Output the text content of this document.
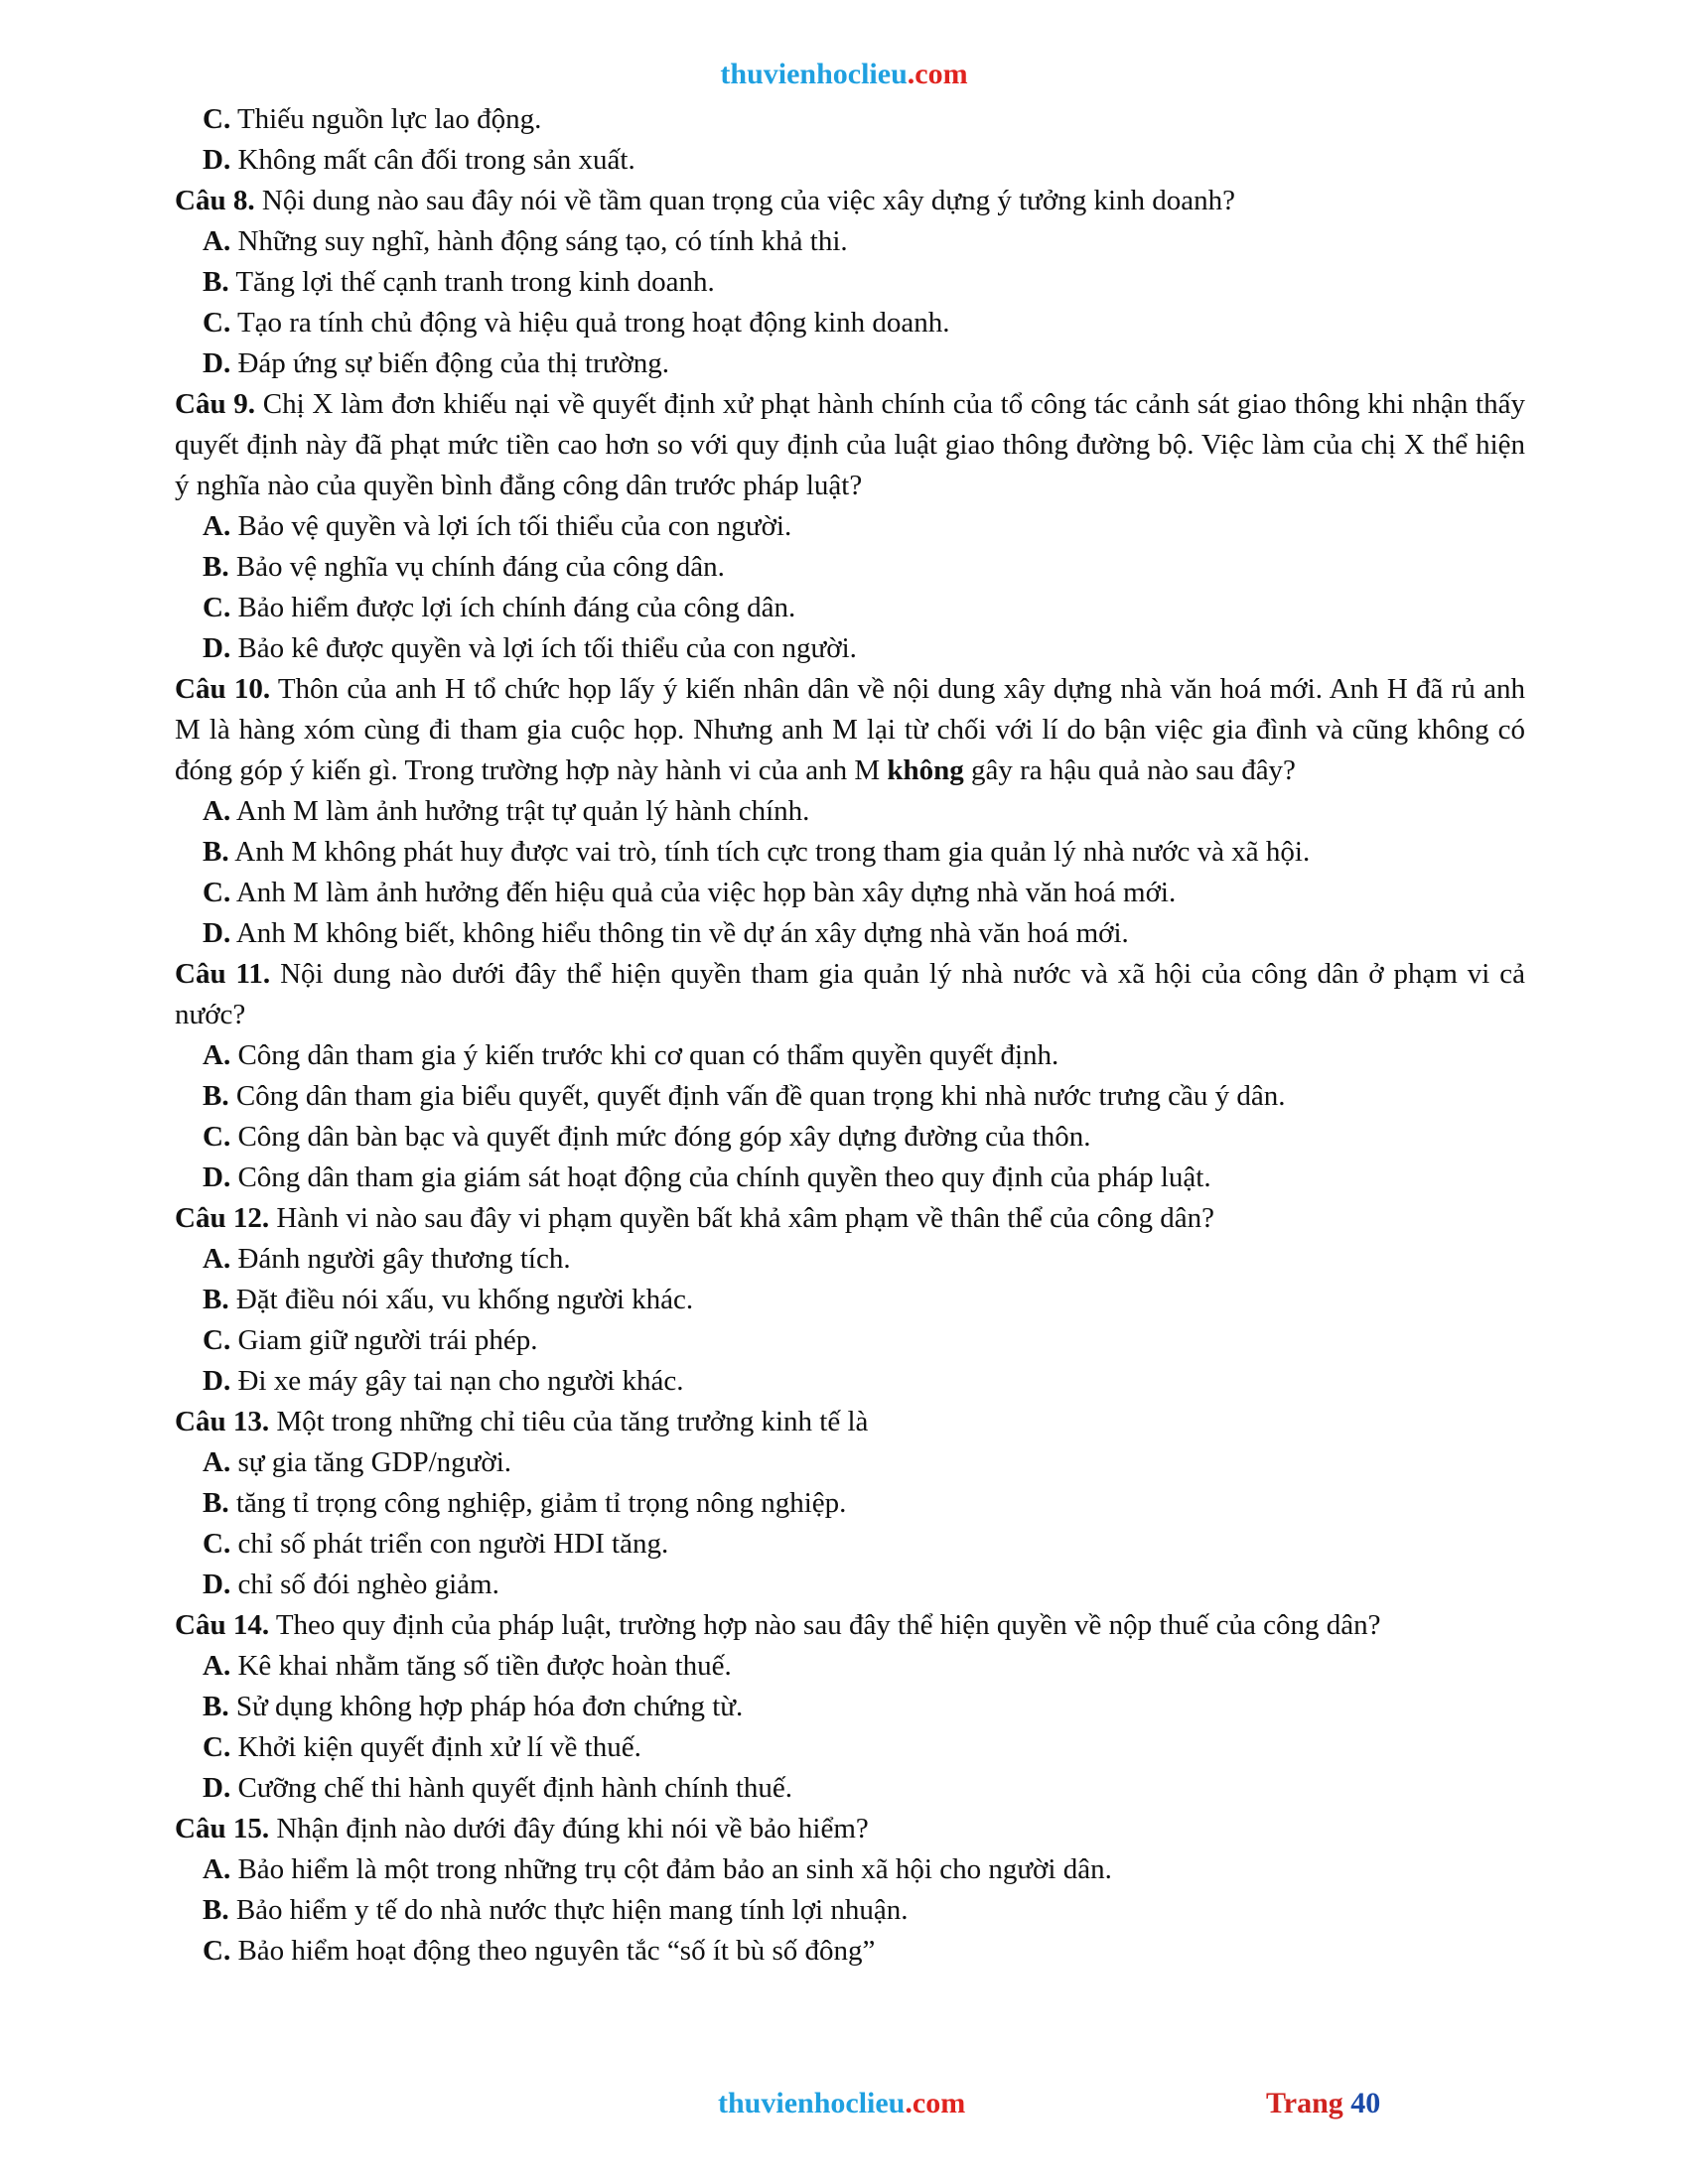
thuvienhoclieu.com
C. Thiếu nguồn lực lao động.
D. Không mất cân đối trong sản xuất.

Câu 8. Nội dung nào sau đây nói về tầm quan trọng của việc xây dựng ý tưởng kinh doanh?

A. Những suy nghĩ, hành động sáng tạo, có tính khả thi.
B. Tăng lợi thế cạnh tranh trong kinh doanh.
C. Tạo ra tính chủ động và hiệu quả trong hoạt động kinh doanh.
D. Đáp ứng sự biến động của thị trường.

Câu 9. Chị X làm đơn khiếu nại về quyết định xử phạt hành chính của tổ công tác cảnh sát giao thông khi nhận thấy quyết định này đã phạt mức tiền cao hơn so với quy định của luật giao thông đường bộ. Việc làm của chị X thể hiện ý nghĩa nào của quyền bình đẳng công dân trước pháp luật?

A. Bảo vệ quyền và lợi ích tối thiểu của con người.
B. Bảo vệ nghĩa vụ chính đáng của công dân.
C. Bảo hiểm được lợi ích chính đáng của công dân.
D. Bảo kê được quyền và lợi ích tối thiểu của con người.

Câu 10. Thôn của anh H tổ chức họp lấy ý kiến nhân dân về nội dung xây dựng nhà văn hoá mới. Anh H đã rủ anh M là hàng xóm cùng đi tham gia cuộc họp. Nhưng anh M lại từ chối với lí do bận việc gia đình và cũng không có đóng góp ý kiến gì. Trong trường hợp này hành vi của anh M không gây ra hậu quả nào sau đây?

A. Anh M làm ảnh hưởng trật tự quản lý hành chính.
B. Anh M không phát huy được vai trò, tính tích cực trong tham gia quản lý nhà nước và xã hội.
C. Anh M làm ảnh hưởng đến hiệu quả của việc họp bàn xây dựng nhà văn hoá mới.
D. Anh M không biết, không hiểu thông tin về dự án xây dựng nhà văn hoá mới.

Câu 11. Nội dung nào dưới đây thể hiện quyền tham gia quản lý nhà nước và xã hội của công dân ở phạm vi cả nước?

A. Công dân tham gia ý kiến trước khi cơ quan có thẩm quyền quyết định.
B. Công dân tham gia biểu quyết, quyết định vấn đề quan trọng khi nhà nước trưng cầu ý dân.
C. Công dân bàn bạc và quyết định mức đóng góp xây dựng đường của thôn.
D. Công dân tham gia giám sát hoạt động của chính quyền theo quy định của pháp luật.

Câu 12. Hành vi nào sau đây vi phạm quyền bất khả xâm phạm về thân thể của công dân?

A. Đánh người gây thương tích.
B. Đặt điều nói xấu, vu khống người khác.
C. Giam giữ người trái phép.
D. Đi xe máy gây tai nạn cho người khác.

Câu 13. Một trong những chỉ tiêu của tăng trưởng kinh tế là

A. sự gia tăng GDP/người.
B. tăng tỉ trọng công nghiệp, giảm tỉ trọng nông nghiệp.
C. chỉ số phát triển con người HDI tăng.
D. chỉ số đói nghèo giảm.

Câu 14. Theo quy định của pháp luật, trường hợp nào sau đây thể hiện quyền về nộp thuế của công dân?

A. Kê khai nhằm tăng số tiền được hoàn thuế.
B. Sử dụng không hợp pháp hóa đơn chứng từ.
C. Khởi kiện quyết định xử lí về thuế.
D. Cưỡng chế thi hành quyết định hành chính thuế.

Câu 15. Nhận định nào dưới đây đúng khi nói về bảo hiểm?

A. Bảo hiểm là một trong những trụ cột đảm bảo an sinh xã hội cho người dân.
B. Bảo hiểm y tế do nhà nước thực hiện mang tính lợi nhuận.
C. Bảo hiểm hoạt động theo nguyên tắc “số ít bù số đông”
thuvienhoclieu.com	Trang 40
